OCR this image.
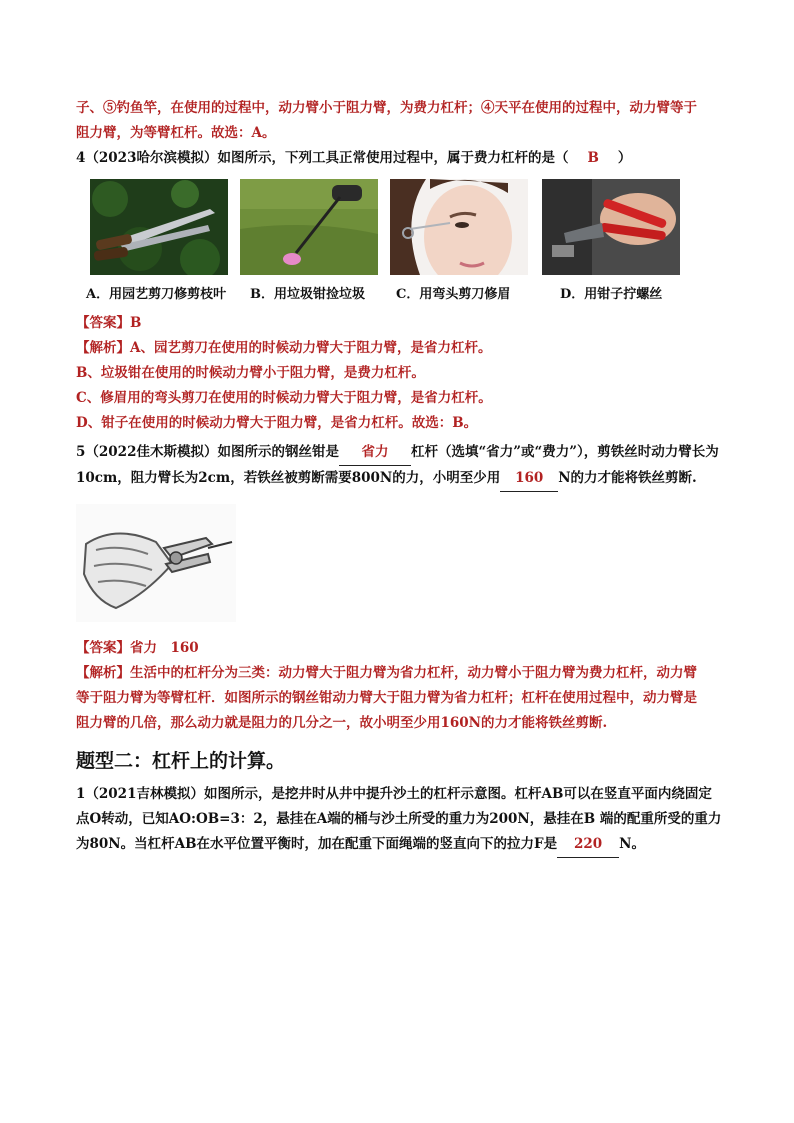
子、⑤钓鱼竿，在使用的过程中，动力臂小于阻力臂，为费力杠杆；④天平在使用的过程中，动力臂等于

阻力臂，为等臂杠杆。故选：A。

4（2023哈尔滨模拟）如图所示，下列工具正常使用过程中，属于费力杠杆的是（ B ）

A．用园艺剪刀修剪枝叶 B．用垃圾钳捡垃圾 C．用弯头剪刀修眉	D．用钳子拧螺丝

【答案】B

【解析】A、园艺剪刀在使用的时候动力臂大于阻力臂，是省力杠杆。

B、垃圾钳在使用的时候动力臂小于阻力臂，是费力杠杆。

C、修眉用的弯头剪刀在使用的时候动力臂大于阻力臂，是省力杠杆。

D、钳子在使用的时候动力臂大于阻力臂，是省力杠杆。故选：B。

5（2022佳木斯模拟）如图所示的钢丝钳是 省力 杠杆（选填“省力”或“费力”），剪铁丝时动力臂长为

10cm，阻力臂长为2cm，若铁丝被剪断需要800N的力，小明至少用 160 N的力才能将铁丝剪断.

【答案】省力　160

【解析】生活中的杠杆分为三类：动力臂大于阻力臂为省力杠杆，动力臂小于阻力臂为费力杠杆，动力臂

等于阻力臂为等臂杠杆．如图所示的钢丝钳动力臂大于阻力臂为省力杠杆；杠杆在使用过程中，动力臂是

阻力臂的几倍，那么动力就是阻力的几分之一，故小明至少用160N的力才能将铁丝剪断.

题型二：杠杆上的计算。

1（2021吉林模拟）如图所示，是挖井时从井中提升沙土的杠杆示意图。杠杆AB可以在竖直平面内绕固定

点O转动，已知AO:OB=3：2，悬挂在A端的桶与沙土所受的重力为200N，悬挂在B 端的配重所受的重力

为80N。当杠杆AB在水平位置平衡时，加在配重下面绳端的竖直向下的拉力F是 220 N。
